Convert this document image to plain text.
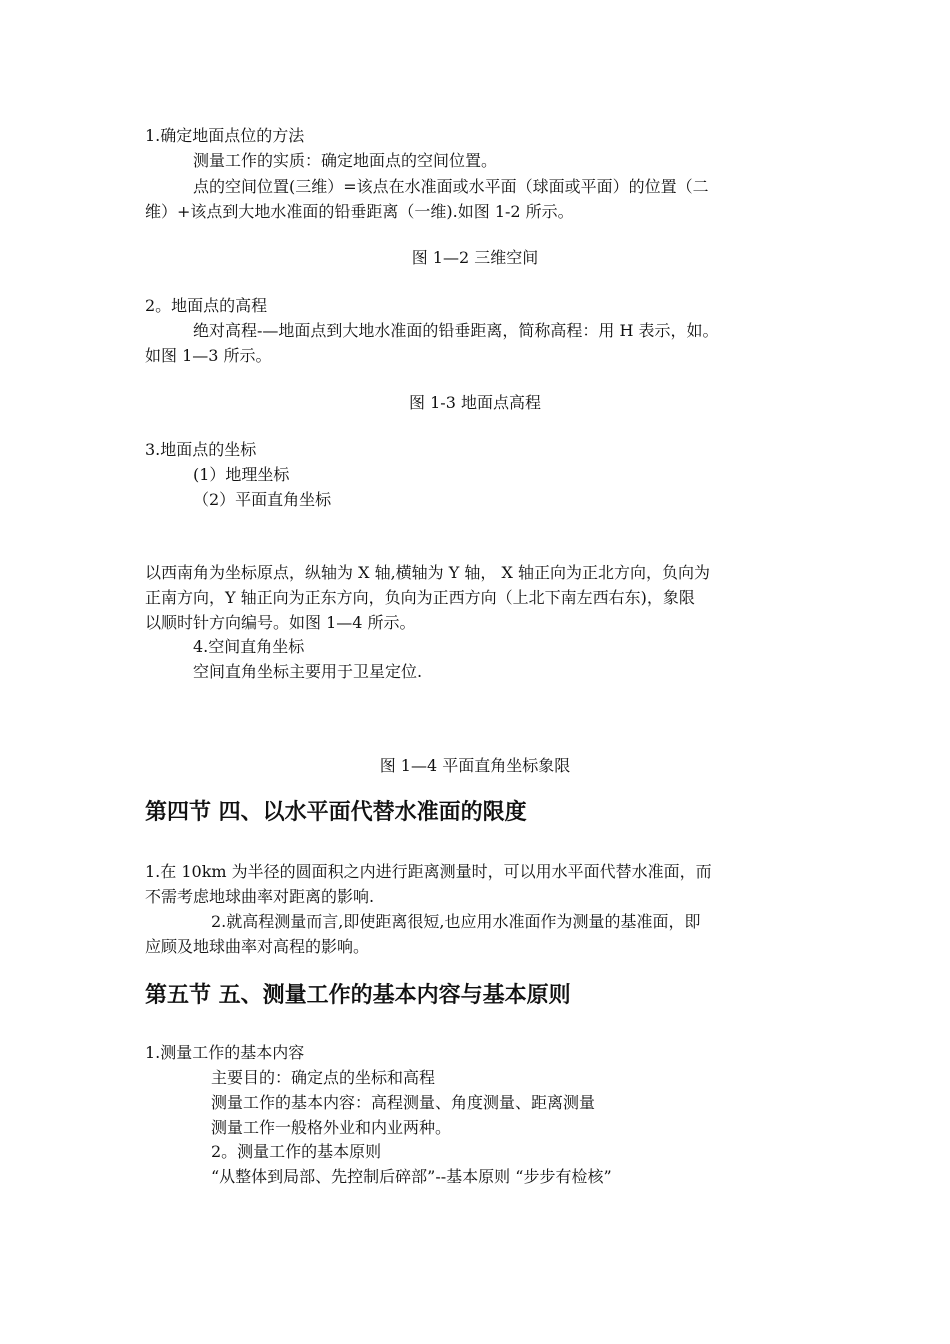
1.确定地面点位的方法
测量工作的实质：确定地面点的空间位置。
点的空间位置(三维）=该点在水准面或水平面（球面或平面）的位置（二
维）+该点到大地水准面的铅垂距离（一维).如图 1-2 所示。
图 1—2 三维空间
2。地面点的高程
绝对高程-—地面点到大地水准面的铅垂距离，简称高程：用 H 表示，如。
如图 1—3 所示。
图 1-3 地面点高程
3.地面点的坐标
(1）地理坐标
（2）平面直角坐标
以西南角为坐标原点，纵轴为 X 轴,横轴为 Y 轴， X 轴正向为正北方向，负向为
正南方向，Y 轴正向为正东方向，负向为正西方向（上北下南左西右东)，象限
以顺时针方向编号。如图 1—4 所示。
4.空间直角坐标
空间直角坐标主要用于卫星定位.
图 1—4 平面直角坐标象限
第四节 四、以水平面代替水准面的限度
1.在 10km 为半径的圆面积之内进行距离测量时，可以用水平面代替水准面，而
不需考虑地球曲率对距离的影响.
2.就高程测量而言,即使距离很短,也应用水准面作为测量的基准面，即
应顾及地球曲率对高程的影响。
第五节 五、测量工作的基本内容与基本原则
1.测量工作的基本内容
主要目的：确定点的坐标和高程
测量工作的基本内容：高程测量、角度测量、距离测量
测量工作一般格外业和内业两种。
2。测量工作的基本原则
“从整体到局部、先控制后碎部”--基本原则 “步步有检核”
